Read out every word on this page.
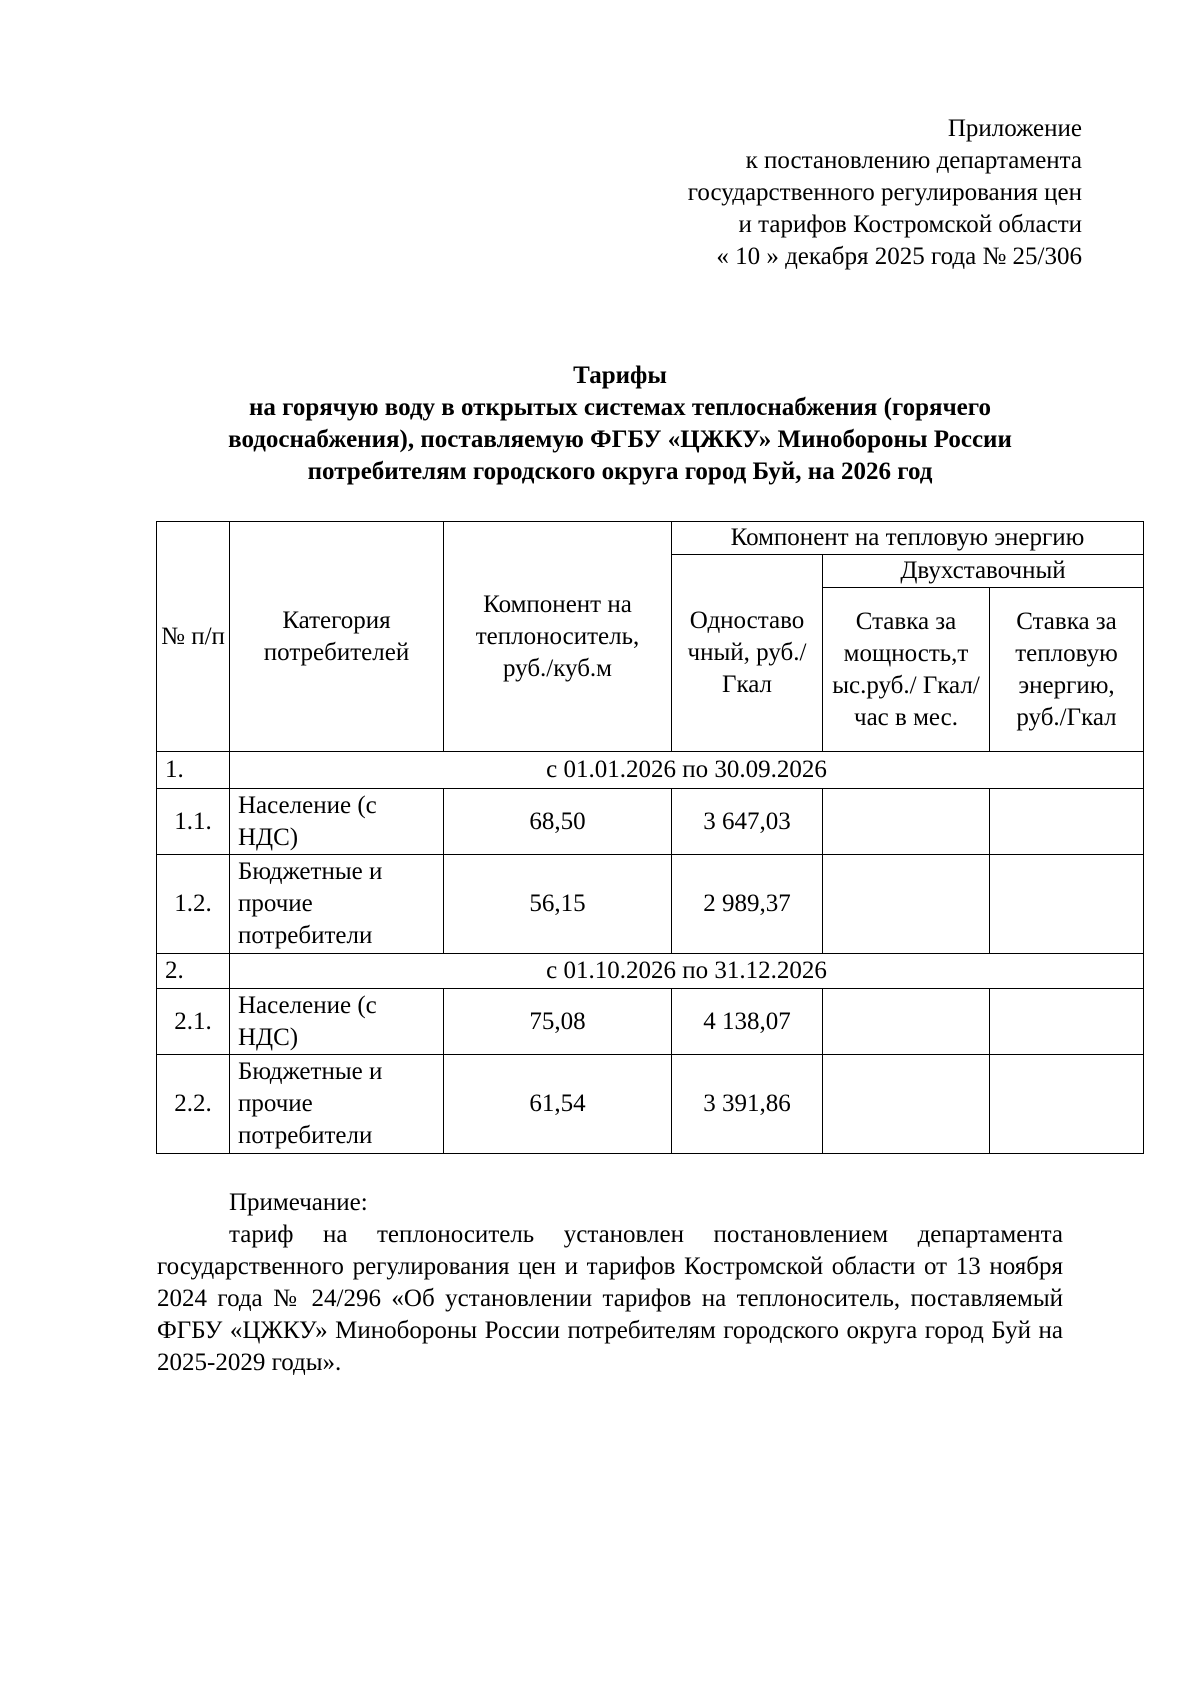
Приложение
к постановлению департамента
государственного регулирования цен
и тарифов Костромской области
« 10 » декабря 2025 года № 25/306
Тарифы
на горячую воду в открытых системах теплоснабжения (горячего
водоснабжения), поставляемую ФГБУ «ЦЖКУ» Минобороны России
потребителям городского округа город Буй, на 2026 год
№ п/п	Категория потребителей	Компонент на теплоноситель, руб./куб.м	Компонент на тепловую энергию		
			Одноставо чный, руб./Гкал	Двухставочный	
				Ставка за мощность,т ыс.руб./ Гкал/час в мес.	Ставка за тепловую энергию, руб./Гкал
1.	с 01.01.2026 по 30.09.2026				
1.1.	Население (с НДС)	68,50	3 647,03		
1.2.	Бюджетные и прочие потребители	56,15	2 989,37		
2.	с 01.10.2026 по 31.12.2026				
2.1.	Население (с НДС)	75,08	4 138,07		
2.2.	Бюджетные и прочие потребители	61,54	3 391,86		
Примечание:

тариф на теплоноситель установлен постановлением департамента государственного регулирования цен и тарифов Костромской области от 13 ноября 2024 года № 24/296 «Об установлении тарифов на теплоноситель, поставляемый ФГБУ «ЦЖКУ» Минобороны России потребителям городского округа город Буй на 2025-2029 годы».
